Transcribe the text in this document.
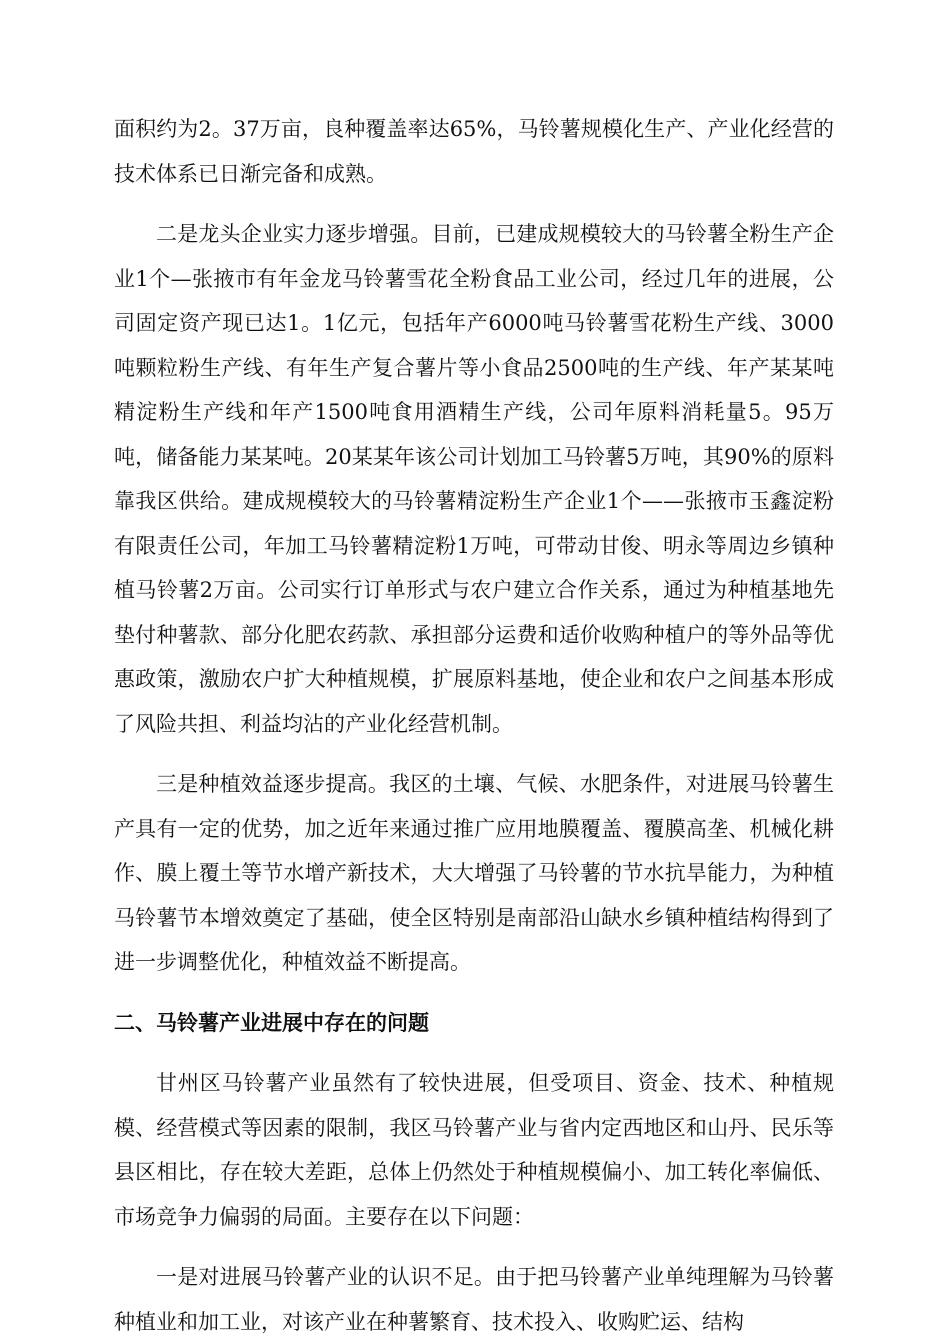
面积约为2。37万亩，良种覆盖率达65%，马铃薯规模化生产、产业化经营的技术体系已日渐完备和成熟。

二是龙头企业实力逐步增强。目前，已建成规模较大的马铃薯全粉生产企业1个—张掖市有年金龙马铃薯雪花全粉食品工业公司，经过几年的进展，公司固定资产现已达1。1亿元，包括年产6000吨马铃薯雪花粉生产线、3000吨颗粒粉生产线、有年生产复合薯片等小食品2500吨的生产线、年产某某吨精淀粉生产线和年产1500吨食用酒精生产线，公司年原料消耗量5。95万吨，储备能力某某吨。20某某年该公司计划加工马铃薯5万吨，其90%的原料靠我区供给。建成规模较大的马铃薯精淀粉生产企业1个——张掖市玉鑫淀粉有限责任公司，年加工马铃薯精淀粉1万吨，可带动甘俊、明永等周边乡镇种植马铃薯2万亩。公司实行订单形式与农户建立合作关系，通过为种植基地先垫付种薯款、部分化肥农药款、承担部分运费和适价收购种植户的等外品等优惠政策，激励农户扩大种植规模，扩展原料基地，使企业和农户之间基本形成了风险共担、利益均沾的产业化经营机制。

三是种植效益逐步提高。我区的土壤、气候、水肥条件，对进展马铃薯生产具有一定的优势，加之近年来通过推广应用地膜覆盖、覆膜高垄、机械化耕作、膜上覆土等节水增产新技术，大大增强了马铃薯的节水抗旱能力，为种植马铃薯节本增效奠定了基础，使全区特别是南部沿山缺水乡镇种植结构得到了进一步调整优化，种植效益不断提高。

二、马铃薯产业进展中存在的问题

甘州区马铃薯产业虽然有了较快进展，但受项目、资金、技术、种植规模、经营模式等因素的限制，我区马铃薯产业与省内定西地区和山丹、民乐等县区相比，存在较大差距，总体上仍然处于种植规模偏小、加工转化率偏低、市场竞争力偏弱的局面。主要存在以下问题：

一是对进展马铃薯产业的认识不足。由于把马铃薯产业单纯理解为马铃薯种植业和加工业，对该产业在种薯繁育、技术投入、收购贮运、结构
